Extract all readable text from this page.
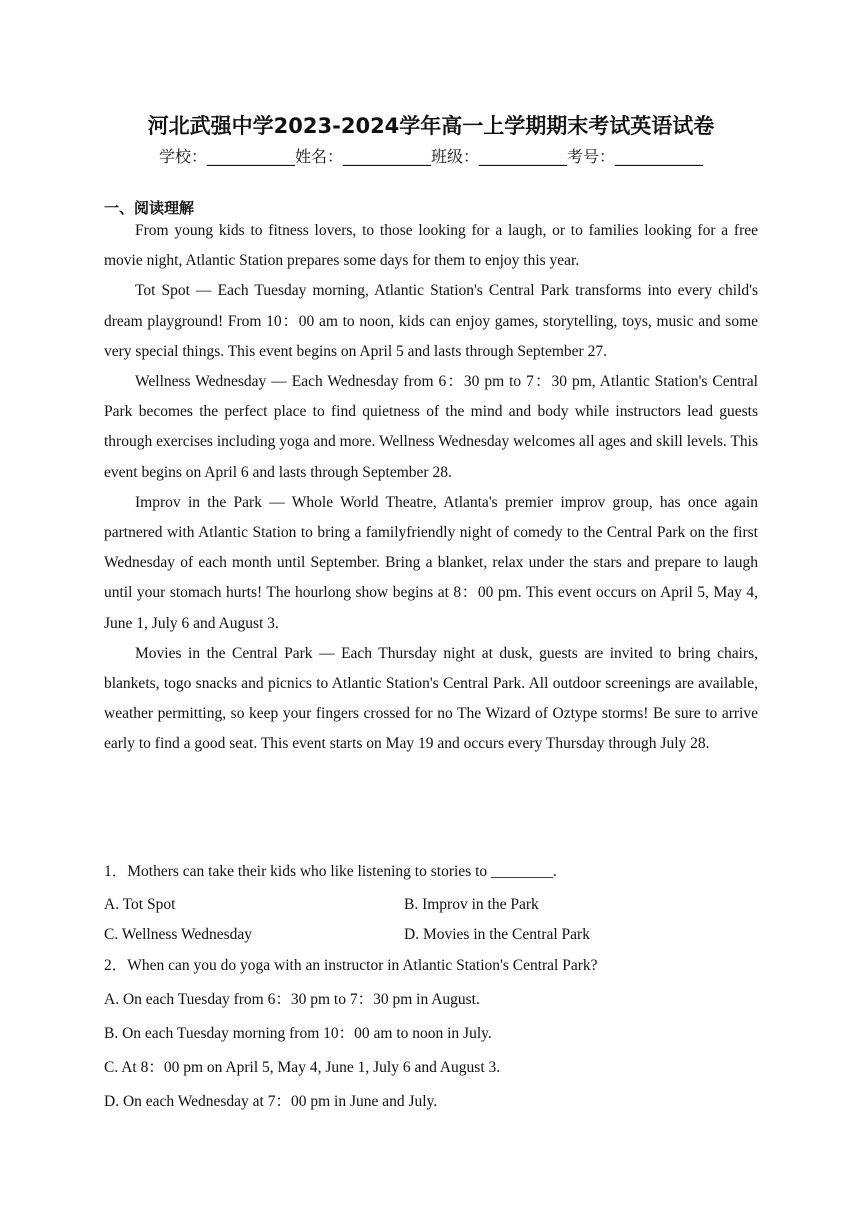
河北武强中学2023-2024学年高一上学期期末考试英语试卷
学校：___________姓名：___________班级：___________考号：___________
一、阅读理解

From young kids to fitness lovers, to those looking for a laugh, or to families looking for a free movie night, Atlantic Station prepares some days for them to enjoy this year.

Tot Spot — Each Tuesday morning, Atlantic Station's Central Park transforms into every child's dream playground! From 10：00 am to noon, kids can enjoy games, storytelling, toys, music and some very special things. This event begins on April 5 and lasts through September 27.

Wellness Wednesday — Each Wednesday from 6：30 pm to 7：30 pm, Atlantic Station's Central Park becomes the perfect place to find quietness of the mind and body while instructors lead guests through exercises including yoga and more. Wellness Wednesday welcomes all ages and skill levels. This event begins on April 6 and lasts through September 28.

Improv in the Park — Whole World Theatre, Atlanta's premier improv group, has once again partnered with Atlantic Station to bring a familyfriendly night of comedy to the Central Park on the first Wednesday of each month until September. Bring a blanket, relax under the stars and prepare to laugh until your stomach hurts! The hourlong show begins at 8：00 pm. This event occurs on April 5, May 4, June 1, July 6 and August 3.

Movies in the Central Park — Each Thursday night at dusk, guests are invited to bring chairs, blankets, togo snacks and picnics to Atlantic Station's Central Park. All outdoor screenings are available, weather permitting, so keep your fingers crossed for no The Wizard of Oztype storms! Be sure to arrive early to find a good seat. This event starts on May 19 and occurs every Thursday through July 28.

1．Mothers can take their kids who like listening to stories to ________.
A. Tot Spot	B. Improv in the Park
C. Wellness Wednesday	D. Movies in the Central Park
2．When can you do yoga with an instructor in Atlantic Station's Central Park?
A. On each Tuesday from 6：30 pm to 7：30 pm in August.
B. On each Tuesday morning from 10：00 am to noon in July.
C. At 8：00 pm on April 5, May 4, June 1, July 6 and August 3.
D. On each Wednesday at 7：00 pm in June and July.
